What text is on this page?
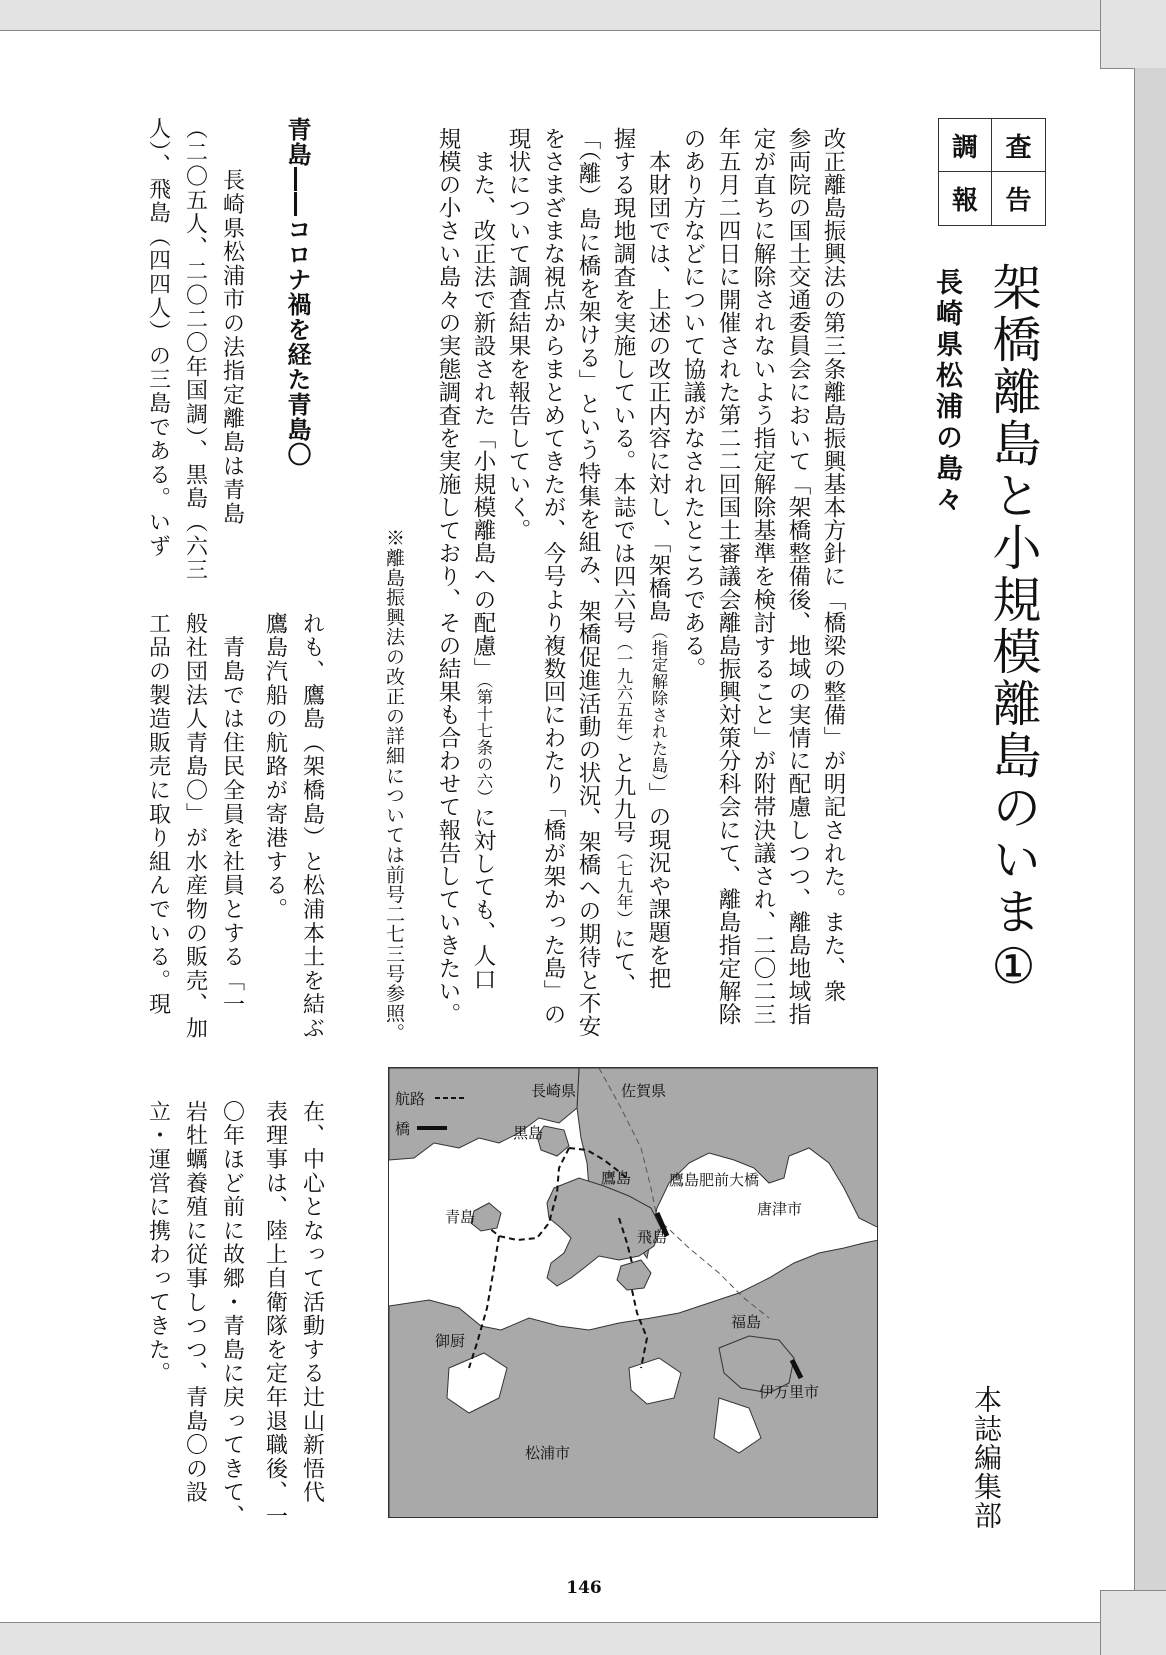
調	査
報	告
架橋離島と小規模離島のいま①
長崎県松浦の島々
本誌編集部
改正離島振興法の第三条離島振興基本方針に「橋梁の整備」が明記された。また、衆
参両院の国土交通委員会において「架橋整備後、地域の実情に配慮しつつ、離島地域指
定が直ちに解除されないよう指定解除基準を検討すること」が附帯決議され、二〇二三
年五月二四日に開催された第二二回国土審議会離島振興対策分科会にて、離島指定解除
のあり方などについて協議がなされたところである。
　本財団では、上述の改正内容に対し、「架橋島（指定解除された島）」の現況や課題を把
握する現地調査を実施している。本誌では四六号（一九六五年）と九九号（七九年）にて、
「（離）島に橋を架ける」という特集を組み、架橋促進活動の状況、架橋への期待と不安
をさまざまな視点からまとめてきたが、今号より複数回にわたり「橋が架かった島」の
現状について調査結果を報告していく。
　また、改正法で新設された「小規模離島への配慮」（第十七条の六）に対しても、人口
規模の小さい島々の実態調査を実施しており、その結果も合わせて報告していきたい。
※離島振興法の改正の詳細については前号二七三号参照。
青島――コロナ禍を経た青島〇
　長崎県松浦市の法指定離島は青島
（二〇五人、二〇二〇年国調）、黒島（六三
人）、飛島（四四人）の三島である。いず
れも、鷹島（架橋島）と松浦本土を結ぶ
鷹島汽船の航路が寄港する。
　青島では住民全員を社員とする「一
般社団法人青島〇」が水産物の販売、加
工品の製造販売に取り組んでいる。現
在、中心となって活動する辻山新悟代
表理事は、陸上自衛隊を定年退職後、一
〇年ほど前に故郷・青島に戻ってきて、
岩牡蠣養殖に従事しつつ、青島〇の設
立・運営に携わってきた。
航路
橋
長崎県	佐賀県
黒島
鷹島	鷹島肥前大橋
唐津市
青島
飛島
福島
御厨
伊万里市
松浦市
146
